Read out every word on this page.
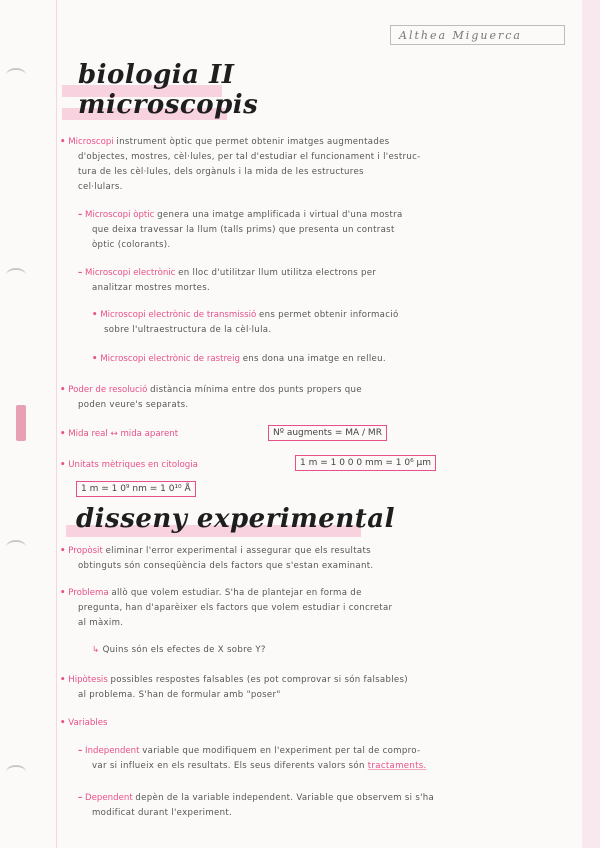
Althea Miguerca
biologia II
microscopis
• Microscopi instrument òptic que permet obtenir imatges augmentades
d'objectes, mostres, cèl·lules, per tal d'estudiar el funcionament i l'estruc-
tura de les cèl·lules, dels orgànuls i la mida de les estructures
cel·lulars.
– Microscopi òptic genera una imatge amplificada i virtual d'una mostra
que deixa travessar la llum (talls prims) que presenta un contrast
òptic (colorants).
– Microscopi electrònic en lloc d'utilitzar llum utilitza electrons per
analitzar mostres mortes.
• Microscopi electrònic de transmissió ens permet obtenir informació
sobre l'ultraestructura de la cèl·lula.
• Microscopi electrònic de rastreig ens dona una imatge en relleu.
• Poder de resolució distància mínima entre dos punts propers que
poden veure's separats.
• Mida real ↔ mida aparent	Nº augments = MA / MR
• Unitats mètriques en citologia	1 m = 1 0 0 0 mm = 1 0⁶ μm
1 m = 1 0⁹ nm = 1 0¹⁰ Å
disseny experimental
• Propòsit eliminar l'error experimental i assegurar que els resultats
obtinguts són conseqüència dels factors que s'estan examinant.
• Problema allò que volem estudiar. S'ha de plantejar en forma de
pregunta, han d'aparèixer els factors que volem estudiar i concretar
al màxim.
↳ Quins són els efectes de X sobre Y?
• Hipòtesis possibles respostes falsables (es pot comprovar si són falsables)
al problema. S'han de formular amb "poser"
• Variables
– Independent variable que modifiquem en l'experiment per tal de compro-
var si influeix en els resultats. Els seus diferents valors són tractaments.
– Dependent depèn de la variable independent. Variable que observem si s'ha
modificat durant l'experiment.
